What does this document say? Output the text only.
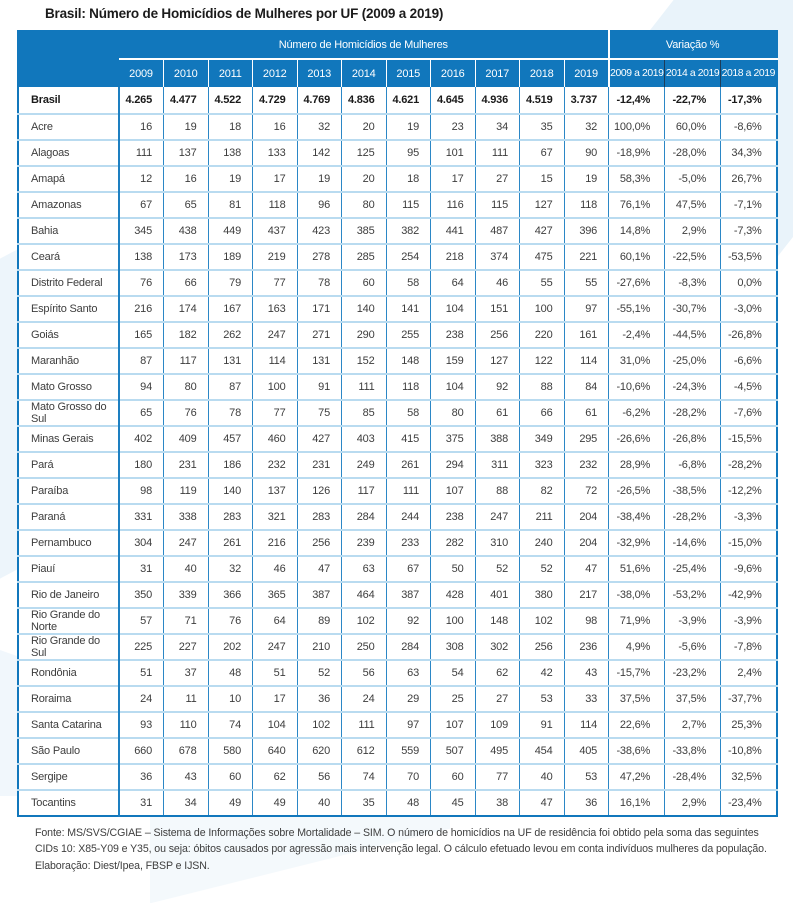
Brasil: Número de Homicídios de Mulheres por UF (2009 a 2019)
	Número de Homicídios de Mulheres											Variação %		
	2009	2010	2011	2012	2013	2014	2015	2016	2017	2018	2019	2009 a 2019	2014 a 2019	2018 a 2019
Brasil	4.265	4.477	4.522	4.729	4.769	4.836	4.621	4.645	4.936	4.519	3.737	-12,4%	-22,7%	-17,3%
Acre	16	19	18	16	32	20	19	23	34	35	32	100,0%	60,0%	-8,6%
Alagoas	111	137	138	133	142	125	95	101	111	67	90	-18,9%	-28,0%	34,3%
Amapá	12	16	19	17	19	20	18	17	27	15	19	58,3%	-5,0%	26,7%
Amazonas	67	65	81	118	96	80	115	116	115	127	118	76,1%	47,5%	-7,1%
Bahia	345	438	449	437	423	385	382	441	487	427	396	14,8%	2,9%	-7,3%
Ceará	138	173	189	219	278	285	254	218	374	475	221	60,1%	-22,5%	-53,5%
Distrito Federal	76	66	79	77	78	60	58	64	46	55	55	-27,6%	-8,3%	0,0%
Espírito Santo	216	174	167	163	171	140	141	104	151	100	97	-55,1%	-30,7%	-3,0%
Goiás	165	182	262	247	271	290	255	238	256	220	161	-2,4%	-44,5%	-26,8%
Maranhão	87	117	131	114	131	152	148	159	127	122	114	31,0%	-25,0%	-6,6%
Mato Grosso	94	80	87	100	91	111	118	104	92	88	84	-10,6%	-24,3%	-4,5%
Mato Grosso do Sul	65	76	78	77	75	85	58	80	61	66	61	-6,2%	-28,2%	-7,6%
Minas Gerais	402	409	457	460	427	403	415	375	388	349	295	-26,6%	-26,8%	-15,5%
Pará	180	231	186	232	231	249	261	294	311	323	232	28,9%	-6,8%	-28,2%
Paraíba	98	119	140	137	126	117	111	107	88	82	72	-26,5%	-38,5%	-12,2%
Paraná	331	338	283	321	283	284	244	238	247	211	204	-38,4%	-28,2%	-3,3%
Pernambuco	304	247	261	216	256	239	233	282	310	240	204	-32,9%	-14,6%	-15,0%
Piauí	31	40	32	46	47	63	67	50	52	52	47	51,6%	-25,4%	-9,6%
Rio de Janeiro	350	339	366	365	387	464	387	428	401	380	217	-38,0%	-53,2%	-42,9%
Rio Grande do Norte	57	71	76	64	89	102	92	100	148	102	98	71,9%	-3,9%	-3,9%
Rio Grande do Sul	225	227	202	247	210	250	284	308	302	256	236	4,9%	-5,6%	-7,8%
Rondônia	51	37	48	51	52	56	63	54	62	42	43	-15,7%	-23,2%	2,4%
Roraima	24	11	10	17	36	24	29	25	27	53	33	37,5%	37,5%	-37,7%
Santa Catarina	93	110	74	104	102	111	97	107	109	91	114	22,6%	2,7%	25,3%
São Paulo	660	678	580	640	620	612	559	507	495	454	405	-38,6%	-33,8%	-10,8%
Sergipe	36	43	60	62	56	74	70	60	77	40	53	47,2%	-28,4%	32,5%
Tocantins	31	34	49	49	40	35	48	45	38	47	36	16,1%	2,9%	-23,4%
Fonte: MS/SVS/CGIAE – Sistema de Informações sobre Mortalidade – SIM. O número de homicídios na UF de residência foi obtido pela soma das seguintes CIDs 10: X85-Y09 e Y35, ou seja: óbitos causados por agressão mais intervenção legal. O cálculo efetuado levou em conta indivíduos mulheres da população. Elaboração: Diest/Ipea, FBSP e IJSN.
